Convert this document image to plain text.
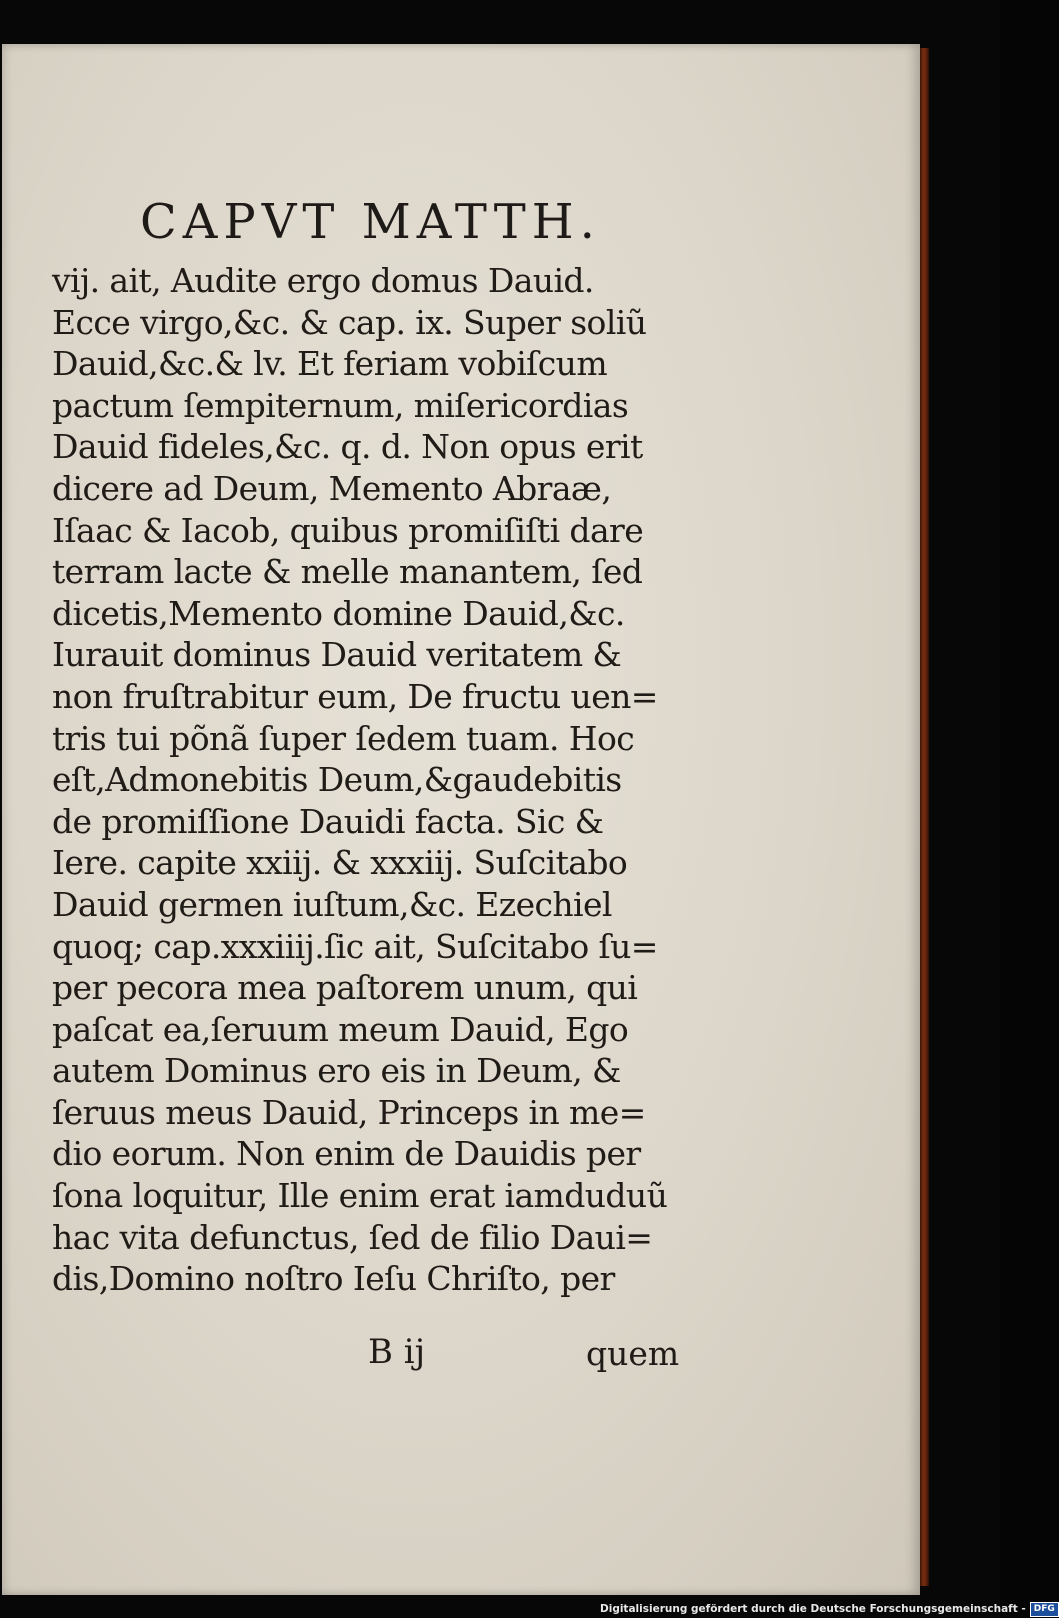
CAPVT MATTH.
vij. ait, Audite ergo domus Dauid.
Ecce virgo,&c. & cap. ix. Super soliũ
Dauid,&c.& lv. Et feriam vobiſcum
pactum ſempiternum, miſericordias
Dauid fideles,&c. q. d. Non opus erit
dicere ad Deum, Memento Abraæ,
Iſaac & Iacob, quibus promiſiſti dare
terram lacte & melle manantem, ſed
dicetis,Memento domine Dauid,&c.
Iurauit dominus Dauid veritatem &
non fruſtrabitur eum, De fructu uen=
tris tui põnã ſuper ſedem tuam. Hoc
eſt,Admonebitis Deum,&gaudebitis
de promiſſione Dauidi facta. Sic &
Iere. capite xxiij. & xxxiij. Suſcitabo
Dauid germen iuſtum,&c. Ezechiel
quoq; cap.xxxiiij.ſic ait, Suſcitabo ſu=
per pecora mea paſtorem unum, qui
paſcat ea,ſeruum meum Dauid, Ego
autem Dominus ero eis in Deum, &
ſeruus meus Dauid, Princeps in me=
dio eorum. Non enim de Dauidis per
ſona loquitur, Ille enim erat iamduduũ
hac vita defunctus, ſed de filio Daui=
dis,Domino noſtro Ieſu Chriſto, per
B ij	quem
Digitalisierung gefördert durch die Deutsche Forschungsgemeinschaft - DFG
